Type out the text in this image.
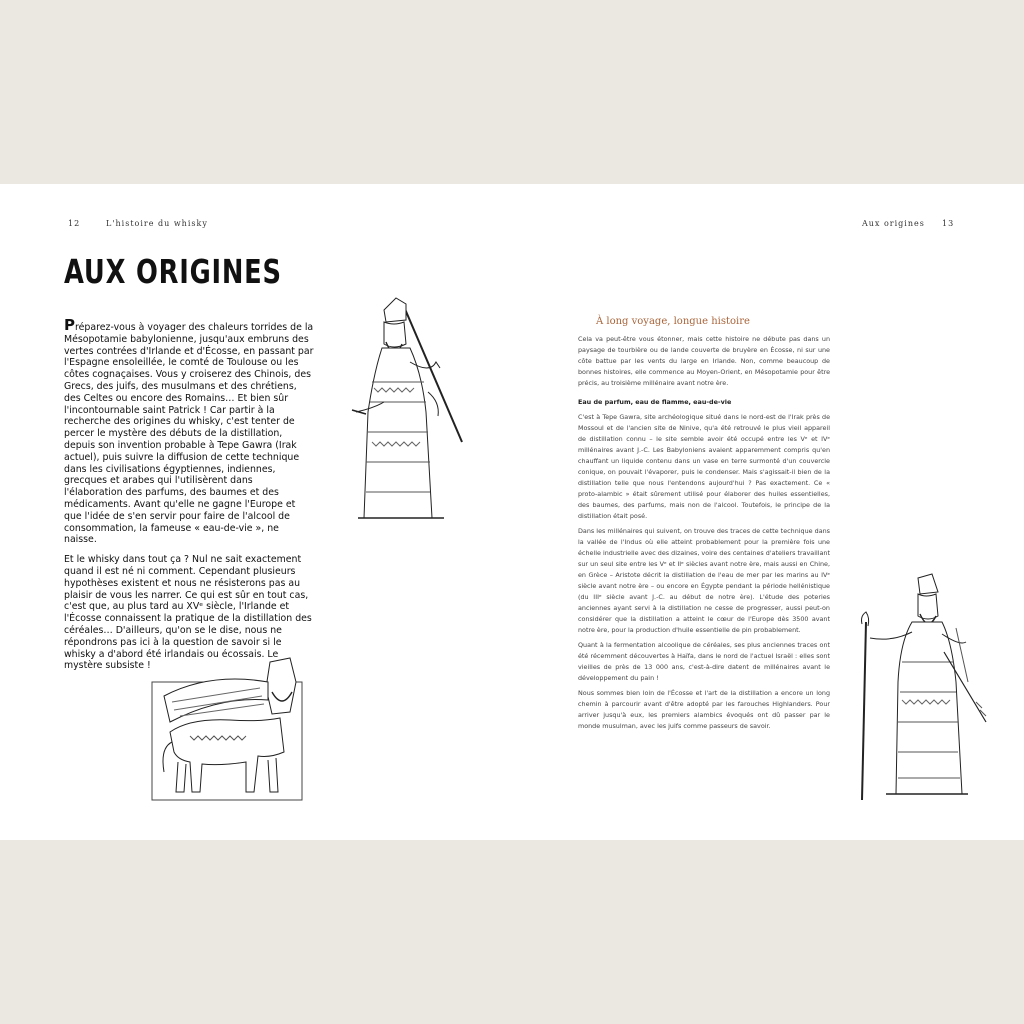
12	L'histoire du whisky	Aux origines 13
AUX ORIGINES

Préparez-vous à voyager des chaleurs torrides de la Mésopotamie babylonienne, jusqu'aux embruns des vertes contrées d'Irlande et d'Écosse, en passant par l'Espagne ensoleillée, le comté de Toulouse ou les côtes cognaçaises. Vous y croiserez des Chinois, des Grecs, des juifs, des musulmans et des chrétiens, des Celtes ou encore des Romains… Et bien sûr l'incontournable saint Patrick ! Car partir à la recherche des origines du whisky, c'est tenter de percer le mystère des débuts de la distillation, depuis son invention probable à Tepe Gawra (Irak actuel), puis suivre la diffusion de cette technique dans les civilisations égyptiennes, indiennes, grecques et arabes qui l'utilisèrent dans l'élaboration des parfums, des baumes et des médicaments. Avant qu'elle ne gagne l'Europe et que l'idée de s'en servir pour faire de l'alcool de consommation, la fameuse « eau-de-vie », ne naisse.

Et le whisky dans tout ça ? Nul ne sait exactement quand il est né ni comment. Cependant plusieurs hypothèses existent et nous ne résisterons pas au plaisir de vous les narrer. Ce qui est sûr en tout cas, c'est que, au plus tard au XVᵉ siècle, l'Irlande et l'Écosse connaissent la pratique de la distillation des céréales… D'ailleurs, qu'on se le dise, nous ne répondrons pas ici à la question de savoir si le whisky a d'abord été irlandais ou écossais. Le mystère subsiste !

À long voyage, longue histoire

Cela va peut-être vous étonner, mais cette histoire ne débute pas dans un paysage de tourbière ou de lande couverte de bruyère en Écosse, ni sur une côte battue par les vents du large en Irlande. Non, comme beaucoup de bonnes histoires, elle commence au Moyen-Orient, en Mésopotamie pour être précis, au troisième millénaire avant notre ère.

Eau de parfum, eau de flamme, eau-de-vie

C'est à Tepe Gawra, site archéologique situé dans le nord-est de l'Irak près de Mossoul et de l'ancien site de Ninive, qu'a été retrouvé le plus vieil appareil de distillation connu – le site semble avoir été occupé entre les Vᵉ et IVᵉ millénaires avant J.-C. Les Babyloniens avaient apparemment compris qu'en chauffant un liquide contenu dans un vase en terre surmonté d'un couvercle conique, on pouvait l'évaporer, puis le condenser. Mais s'agissait-il bien de la distillation telle que nous l'entendons aujourd'hui ? Pas exactement. Ce « proto-alambic » était sûrement utilisé pour élaborer des huiles essentielles, des baumes, des parfums, mais non de l'alcool. Toutefois, le principe de la distillation était posé.

Dans les millénaires qui suivent, on trouve des traces de cette technique dans la vallée de l'Indus où elle atteint probablement pour la première fois une échelle industrielle avec des dizaines, voire des centaines d'ateliers travaillant sur un seul site entre les Vᵉ et IIᵉ siècles avant notre ère, mais aussi en Chine, en Grèce – Aristote décrit la distillation de l'eau de mer par les marins au IVᵉ siècle avant notre ère – ou encore en Égypte pendant la période hellénistique (du IIIᵉ siècle avant J.-C. au début de notre ère). L'étude des poteries anciennes ayant servi à la distillation ne cesse de progresser, aussi peut-on considérer que la distillation a atteint le cœur de l'Europe dès 3500 avant notre ère, pour la production d'huile essentielle de pin probablement.

Quant à la fermentation alcoolique de céréales, ses plus anciennes traces ont été récemment découvertes à Haïfa, dans le nord de l'actuel Israël : elles sont vieilles de près de 13 000 ans, c'est-à-dire datent de millénaires avant le développement du pain !

Nous sommes bien loin de l'Écosse et l'art de la distillation a encore un long chemin à parcourir avant d'être adopté par les farouches Highlanders. Pour arriver jusqu'à eux, les premiers alambics évoqués ont dû passer par le monde musulman, avec les juifs comme passeurs de savoir.
